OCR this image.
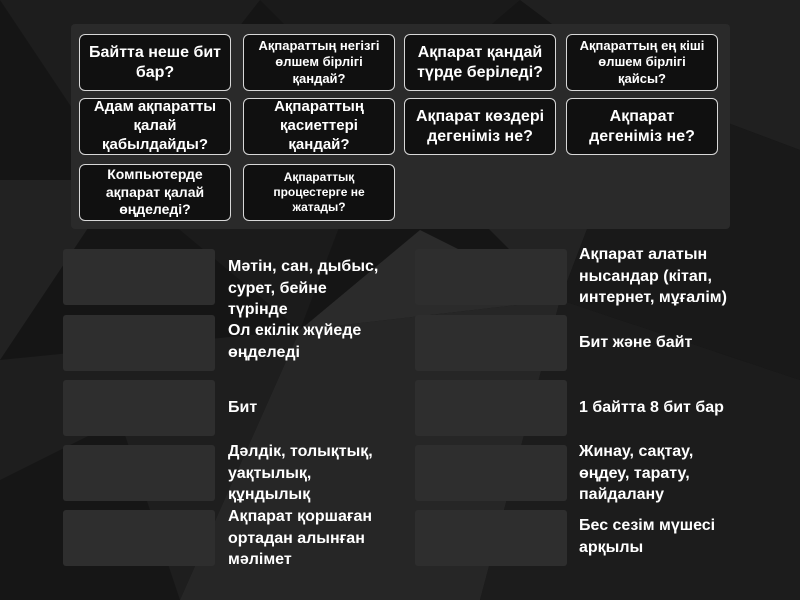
Байтта неше бит бар?
Ақпараттың негізгі өлшем бірлігі қандай?
Ақпарат қандай түрде беріледі?
Ақпараттың ең кіші өлшем бірлігі қайсы?
Адам ақпаратты қалай қабылдайды?
Ақпараттың қасиеттері қандай?
Ақпарат көздері дегеніміз не?
Ақпарат дегеніміз не?
Компьютерде ақпарат қалай өңделеді?
Ақпараттық процестерге не жатады?
Мәтін, сан, дыбыс, сурет, бейне түрінде
Ол екілік жүйеде өңделеді
Бит
Дәлдік, толықтық, уақтылық, құндылық
Ақпарат қоршаған ортадан алынған мәлімет
Ақпарат алатын нысандар (кітап, интернет, мұғалім)
Бит және байт
1 байтта 8 бит бар
Жинау, сақтау, өңдеу, тарату, пайдалану
Бес сезім мүшесі арқылы
